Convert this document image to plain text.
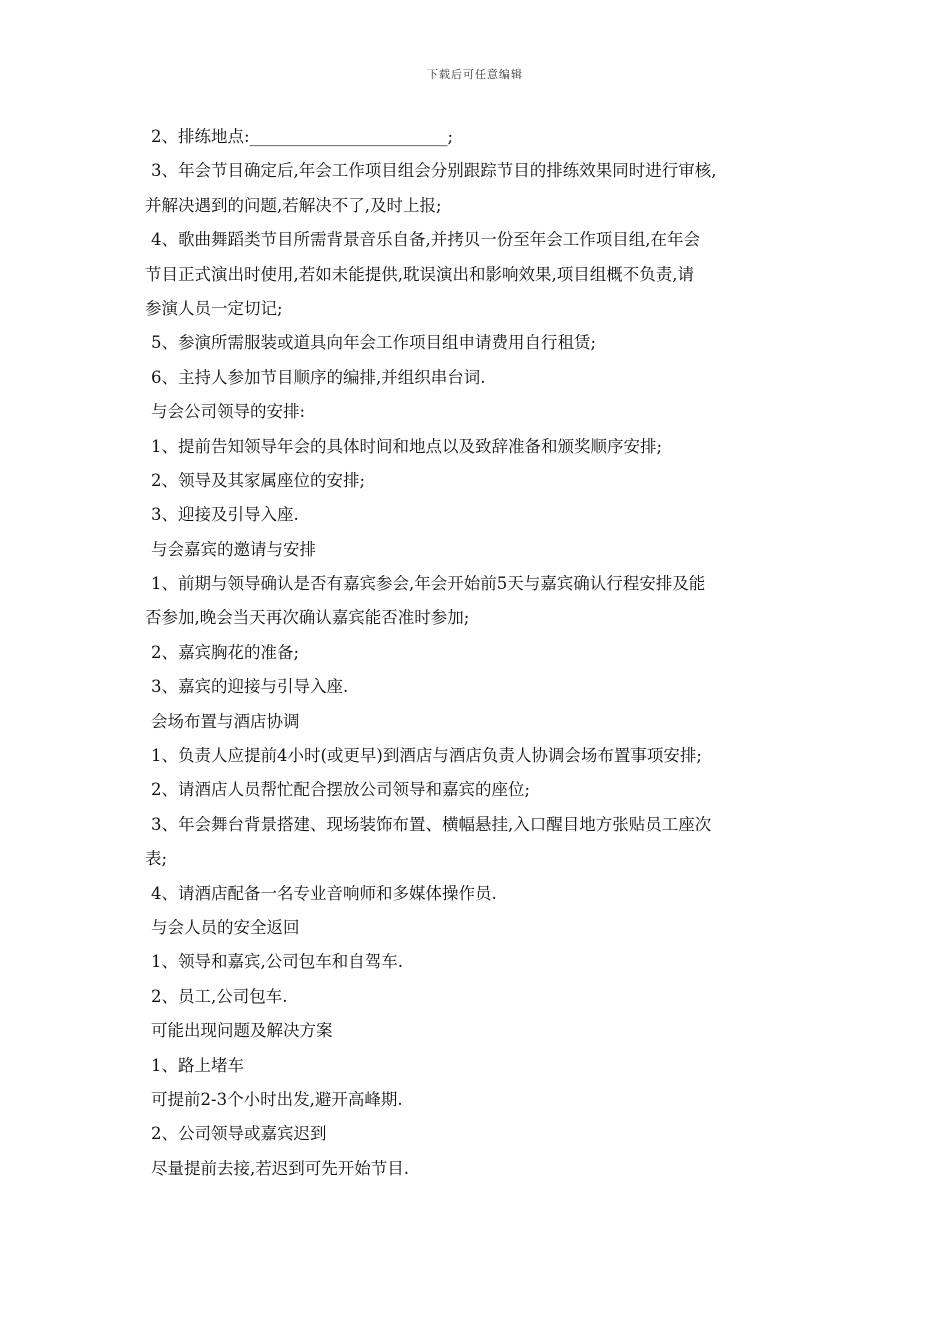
下载后可任意编辑
2、排练地点:________________________;
3、年会节目确定后,年会工作项目组会分别跟踪节目的排练效果同时进行审核,
并解决遇到的问题,若解决不了,及时上报;
4、歌曲舞蹈类节目所需背景音乐自备,并拷贝一份至年会工作项目组,在年会
节目正式演出时使用,若如未能提供,耽误演出和影响效果,项目组概不负责,请
参演人员一定切记;
5、参演所需服装或道具向年会工作项目组申请费用自行租赁;
6、主持人参加节目顺序的编排,并组织串台词.
与会公司领导的安排:
1、提前告知领导年会的具体时间和地点以及致辞准备和颁奖顺序安排;
2、领导及其家属座位的安排;
3、迎接及引导入座.
与会嘉宾的邀请与安排
1、前期与领导确认是否有嘉宾参会,年会开始前5天与嘉宾确认行程安排及能
否参加,晚会当天再次确认嘉宾能否准时参加;
2、嘉宾胸花的准备;
3、嘉宾的迎接与引导入座.
会场布置与酒店协调
1、负责人应提前4小时(或更早)到酒店与酒店负责人协调会场布置事项安排;
2、请酒店人员帮忙配合摆放公司领导和嘉宾的座位;
3、年会舞台背景搭建、现场装饰布置、横幅悬挂,入口醒目地方张贴员工座次
表;
4、请酒店配备一名专业音响师和多媒体操作员.
与会人员的安全返回
1、领导和嘉宾,公司包车和自驾车.
2、员工,公司包车.
可能出现问题及解决方案
1、路上堵车
可提前2-3个小时出发,避开高峰期.
2、公司领导或嘉宾迟到
尽量提前去接,若迟到可先开始节目.
